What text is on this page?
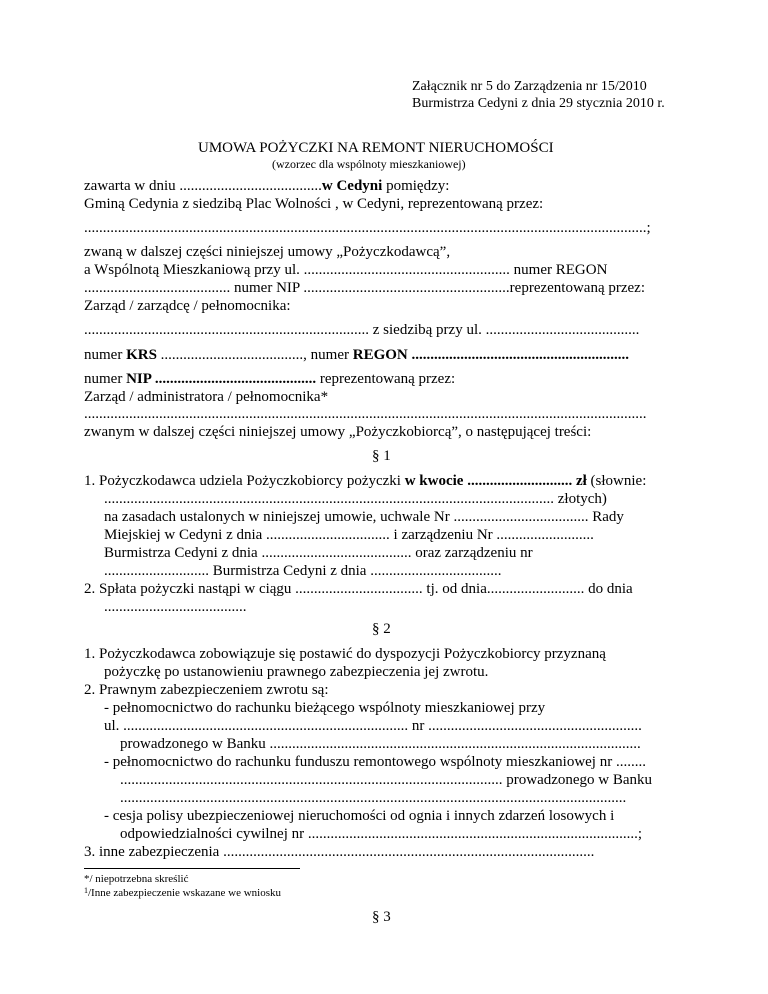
Załącznik nr 5 do Zarządzenia nr 15/2010
Burmistrza Cedyni z dnia 29 stycznia 2010 r.
UMOWA POŻYCZKI NA REMONT NIERUCHOMOŚCI
(wzorzec dla wspólnoty mieszkaniowej)
zawarta w dniu ......................................w Cedyni pomiędzy:
Gminą Cedynia z siedzibą Plac Wolności , w Cedyni, reprezentowaną przez:
......................................................................................................................................................;
zwaną w dalszej części niniejszej umowy „Pożyczkodawcą”,
a Wspólnotą Mieszkaniową przy ul. ....................................................... numer REGON
....................................... numer NIP .......................................................reprezentowaną przez:
Zarząd / zarządcę / pełnomocnika:
............................................................................ z siedzibą przy ul. .........................................
numer KRS ......................................, numer REGON ..........................................................
numer NIP ........................................... reprezentowaną przez:
Zarząd / administratora / pełnomocnika*
......................................................................................................................................................
zwanym w dalszej części niniejszej umowy „Pożyczkobiorcą”, o następującej treści:
§ 1
1. Pożyczkodawca udziela Pożyczkobiorcy pożyczki w kwocie ............................ zł (słownie:
........................................................................................................................ złotych)
na zasadach ustalonych w niniejszej umowie, uchwale Nr .................................... Rady
Miejskiej w Cedyni z dnia ................................. i zarządzeniu Nr ..........................
Burmistrza Cedyni z dnia ........................................ oraz zarządzeniu nr
............................ Burmistrza Cedyni z dnia ...................................
2. Spłata pożyczki nastąpi w ciągu .................................. tj. od dnia.......................... do dnia
......................................
§ 2
1. Pożyczkodawca zobowiązuje się postawić do dyspozycji Pożyczkobiorcy przyznaną
pożyczkę po ustanowieniu prawnego zabezpieczenia jej zwrotu.
2. Prawnym zabezpieczeniem zwrotu są:
- pełnomocnictwo do rachunku bieżącego wspólnoty mieszkaniowej przy
ul. ............................................................................ nr .........................................................
prowadzonego w Banku ...................................................................................................
- pełnomocnictwo do rachunku funduszu remontowego wspólnoty mieszkaniowej nr ........
...................................................................................................... prowadzonego w Banku
.......................................................................................................................................
- cesja polisy ubezpieczeniowej nieruchomości od ognia i innych zdarzeń losowych i
odpowiedzialności cywilnej nr ........................................................................................;
3. inne zabezpieczenia ...................................................................................................
*/ niepotrzebna skreślić
$^1$/Inne zabezpieczenie wskazane we wniosku
§ 3
